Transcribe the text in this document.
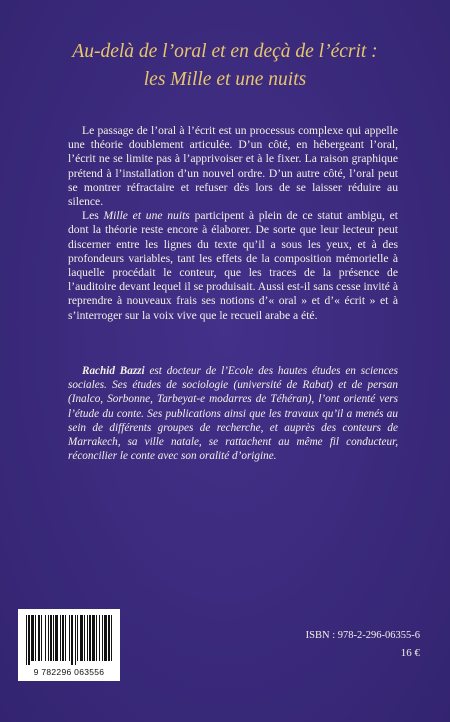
Au-delà de l’oral et en deçà de l’écrit :
les Mille et une nuits

Le passage de l’oral à l’écrit est un processus complexe qui appelle une théorie doublement articulée. D’un côté, en hébergeant l’oral, l’écrit ne se limite pas à l’apprivoiser et à le fixer. La raison graphique prétend à l’installation d’un nouvel ordre. D’un autre côté, l’oral peut se montrer réfractaire et refuser dès lors de se laisser réduire au silence.

Les Mille et une nuits participent à plein de ce statut ambigu, et dont la théorie reste encore à élaborer. De sorte que leur lecteur peut discerner entre les lignes du texte qu’il a sous les yeux, et à des profondeurs variables, tant les effets de la composition mémorielle à laquelle procédait le conteur, que les traces de la présence de l’auditoire devant lequel il se produisait. Aussi est-il sans cesse invité à reprendre à nouveaux frais ses notions d’« oral » et d’« écrit » et à s’interroger sur la voix vive que le recueil arabe a été.

Rachid Bazzi est docteur de l’Ecole des hautes études en sciences sociales. Ses études de sociologie (université de Rabat) et de persan (Inalco, Sorbonne, Tarbeyat-e modarres de Téhéran), l’ont orienté vers l’étude du conte. Ses publications ainsi que les travaux qu’il a menés au sein de différents groupes de recherche, et auprès des conteurs de Marrakech, sa ville natale, se rattachent au même fil conducteur, réconcilier le conte avec son oralité d’origine.
9 782296 063556
ISBN : 978-2-296-06355-6
16 €
